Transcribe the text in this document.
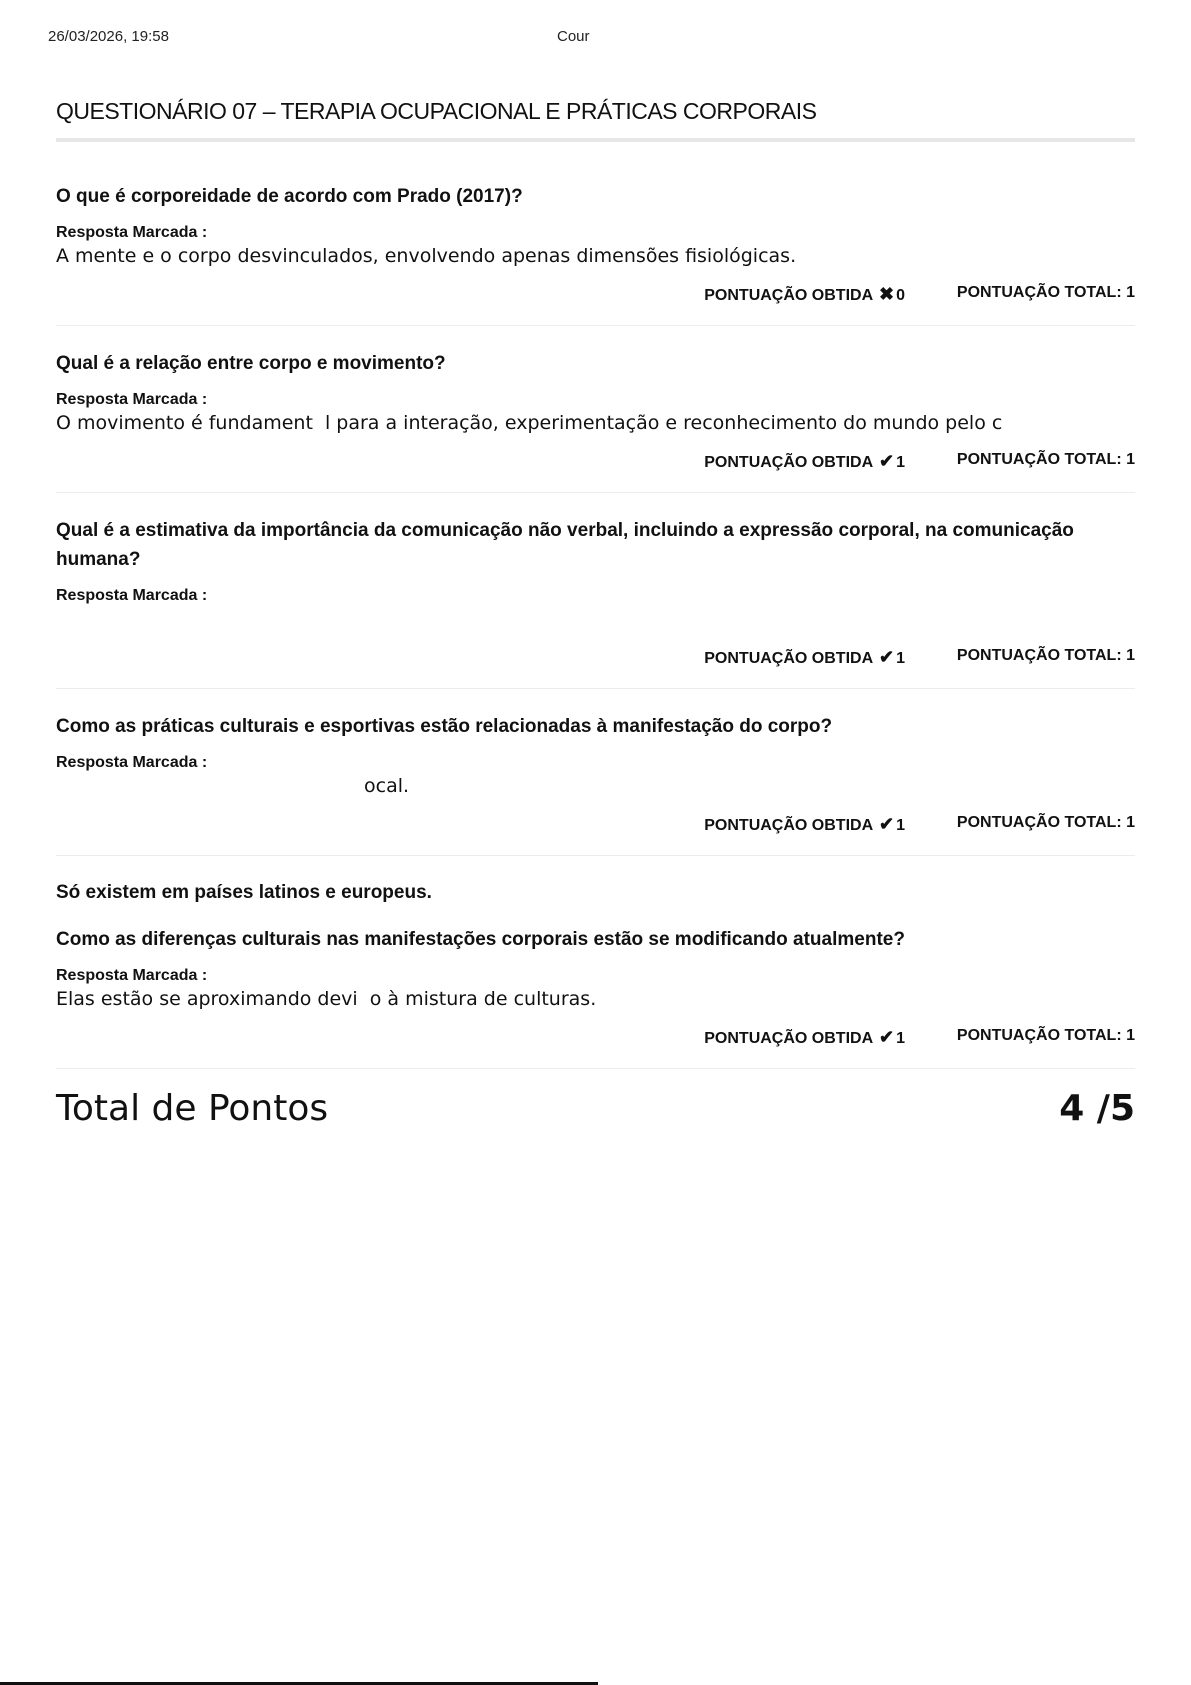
26/03/2026, 19:58	Cour
QUESTIONÁRIO 07 – TERAPIA OCUPACIONAL E PRÁTICAS CORPORAIS

O que é corporeidade de acordo com Prado (2017)?

Resposta Marcada :
A mente e o corpo desvinculados, envolvendo apenas dimensões fisiológicas.
PONTUAÇÃO OBTIDA ✖ 0	PONTUAÇÃO TOTAL: 1

Qual é a relação entre corpo e movimento?

Resposta Marcada :
O movimento é fundament  l para a interação, experimentação e reconhecimento do mundo pelo c
PONTUAÇÃO OBTIDA ✔ 1	PONTUAÇÃO TOTAL: 1

Qual é a estimativa da importância da comunicação não verbal, incluindo a expressão corporal, na comunicação humana?

Resposta Marcada :
PONTUAÇÃO OBTIDA ✔ 1	PONTUAÇÃO TOTAL: 1

Como as práticas culturais e esportivas estão relacionadas à manifestação do corpo?

Resposta Marcada :
ocal.
PONTUAÇÃO OBTIDA ✔ 1	PONTUAÇÃO TOTAL: 1

Só existem em países latinos e europeus.

Como as diferenças culturais nas manifestações corporais estão se modificando atualmente?

Resposta Marcada :
Elas estão se aproximando devi  o à mistura de culturas.
PONTUAÇÃO OBTIDA ✔ 1	PONTUAÇÃO TOTAL: 1
Total de Pontos	4 /5
